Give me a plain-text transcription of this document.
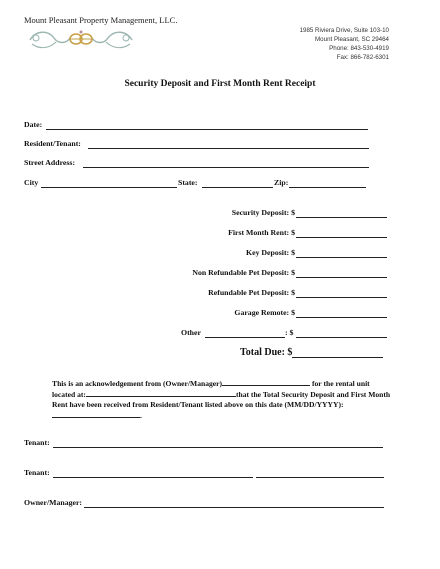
Mount Pleasant Property Management, LLC.
1985 Riviera Drive, Suite 103-10
Mount Pleasant, SC 29464
Phone: 843-530-4919
Fax: 866-782-6301
Security Deposit and First Month Rent Receipt
Date:
Resident/Tenant:
Street Address:
City	State:	Zip:
Security Deposit: $
First Month Rent: $
Key Deposit: $
Non Refundable Pet Deposit: $
Refundable Pet Deposit: $
Garage Remote: $
Other	: $
Total Due: $
This is an acknowledgement from (Owner/Manager)	for the rental unit located at:	that the Total Security Deposit and First Month Rent have been received from Resident/Tenant listed above on this date (MM/DD/YYYY):.
Tenant:
Tenant:
Owner/Manager:
